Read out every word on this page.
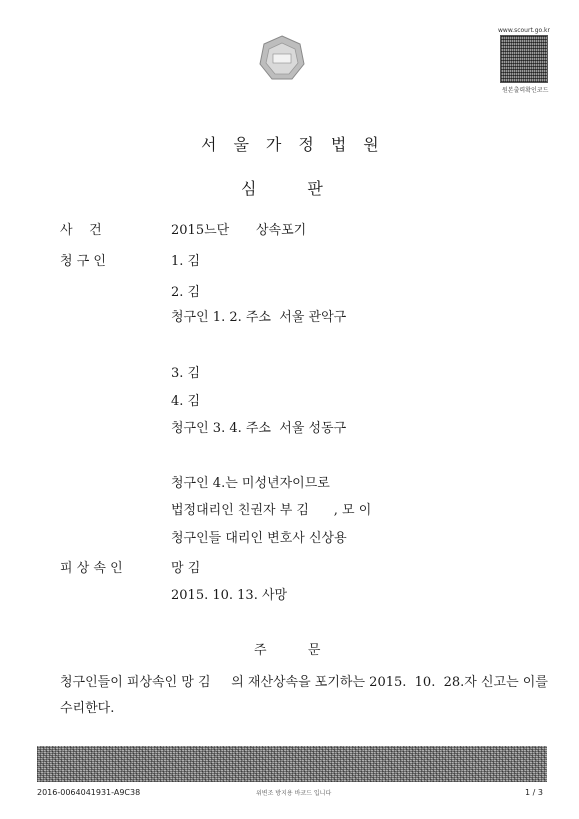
www.scourt.go.kr
원본출력확인코드
서울가정법원
심          판
사    건	2015느단 상속포기
청 구 인	1. 김
2. 김
청구인 1. 2. 주소  서울 관악구
3. 김
4. 김
청구인 3. 4. 주소  서울 성동구
청구인 4.는 미성년자이므로
법정대리인 친권자 부 김      , 모 이
청구인들 대리인 변호사 신상용
피 상 속 인	망 김
2015. 10. 13. 사망
주          문
청구인들이 피상속인 망 김     의 재산상속을 포기하는 2015.  10.  28.자 신고는 이를
수리한다.
2016-0064041931-A9C38	위변조 방지용 바코드 입니다	1 / 3
